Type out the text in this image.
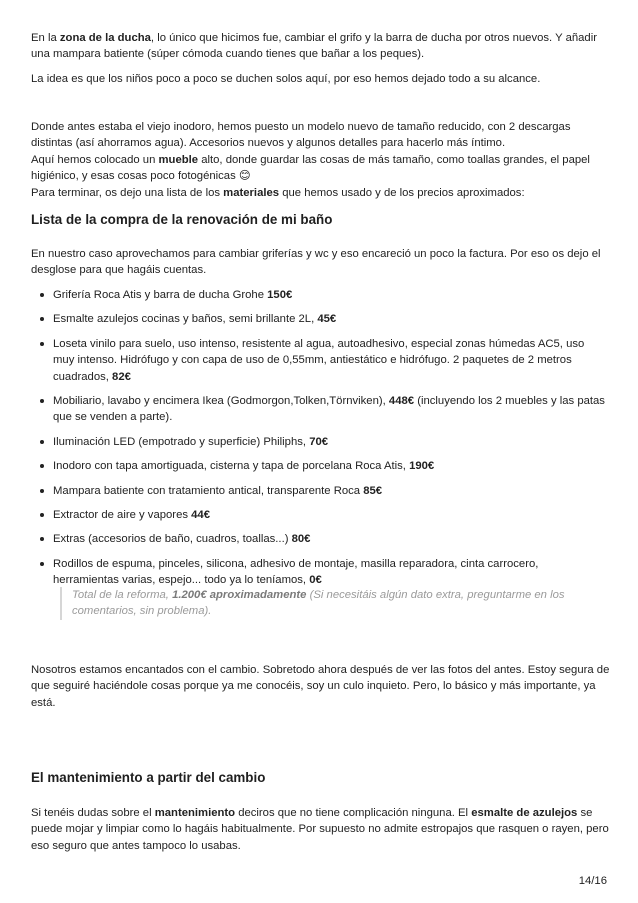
En la zona de la ducha, lo único que hicimos fue, cambiar el grifo y la barra de ducha por otros nuevos. Y añadir una mampara batiente (súper cómoda cuando tienes que bañar a los peques).

La idea es que los niños poco a poco se duchen solos aquí, por eso hemos dejado todo a su alcance.

Donde antes estaba el viejo inodoro, hemos puesto un modelo nuevo de tamaño reducido, con 2 descargas distintas (así ahorramos agua). Accesorios nuevos y algunos detalles para hacerlo más íntimo.
Aquí hemos colocado un mueble alto, donde guardar las cosas de más tamaño, como toallas grandes, el papel higiénico, y esas cosas poco fotogénicas 😊
Para terminar, os dejo una lista de los materiales que hemos usado y de los precios aproximados:

Lista de la compra de la renovación de mi baño

En nuestro caso aprovechamos para cambiar griferías y wc y eso encareció un poco la factura. Por eso os dejo el desglose para que hagáis cuentas.

Grifería Roca Atis y barra de ducha Grohe 150€
Esmalte azulejos cocinas y baños, semi brillante 2L, 45€
Loseta vinilo para suelo, uso intenso, resistente al agua, autoadhesivo, especial zonas húmedas AC5, uso muy intenso. Hidrófugo y con capa de uso de 0,55mm, antiestático e hidrófugo. 2 paquetes de 2 metros cuadrados, 82€
Mobiliario, lavabo y encimera Ikea (Godmorgon,Tolken,Törnviken), 448€ (incluyendo los 2 muebles y las patas que se venden a parte).
Iluminación LED (empotrado y superficie) Philiphs, 70€
Inodoro con tapa amortiguada, cisterna y tapa de porcelana Roca Atis, 190€
Mampara batiente con tratamiento antical, transparente Roca 85€
Extractor de aire y vapores 44€
Extras (accesorios de baño, cuadros, toallas...) 80€
Rodillos de espuma, pinceles, silicona, adhesivo de montaje, masilla reparadora, cinta carrocero, herramientas varias, espejo... todo ya lo teníamos, 0€
Total de la reforma, 1.200€ aproximadamente (Si necesitáis algún dato extra, preguntarme en los comentarios, sin problema).

Nosotros estamos encantados con el cambio. Sobretodo ahora después de ver las fotos del antes. Estoy segura de que seguiré haciéndole cosas porque ya me conocéis, soy un culo inquieto. Pero, lo básico y más importante, ya está.

El mantenimiento a partir del cambio

Si tenéis dudas sobre el mantenimiento deciros que no tiene complicación ninguna. El esmalte de azulejos se puede mojar y limpiar como lo hagáis habitualmente. Por supuesto no admite estropajos que rasquen o rayen, pero eso seguro que antes tampoco lo usabas.

14/16
